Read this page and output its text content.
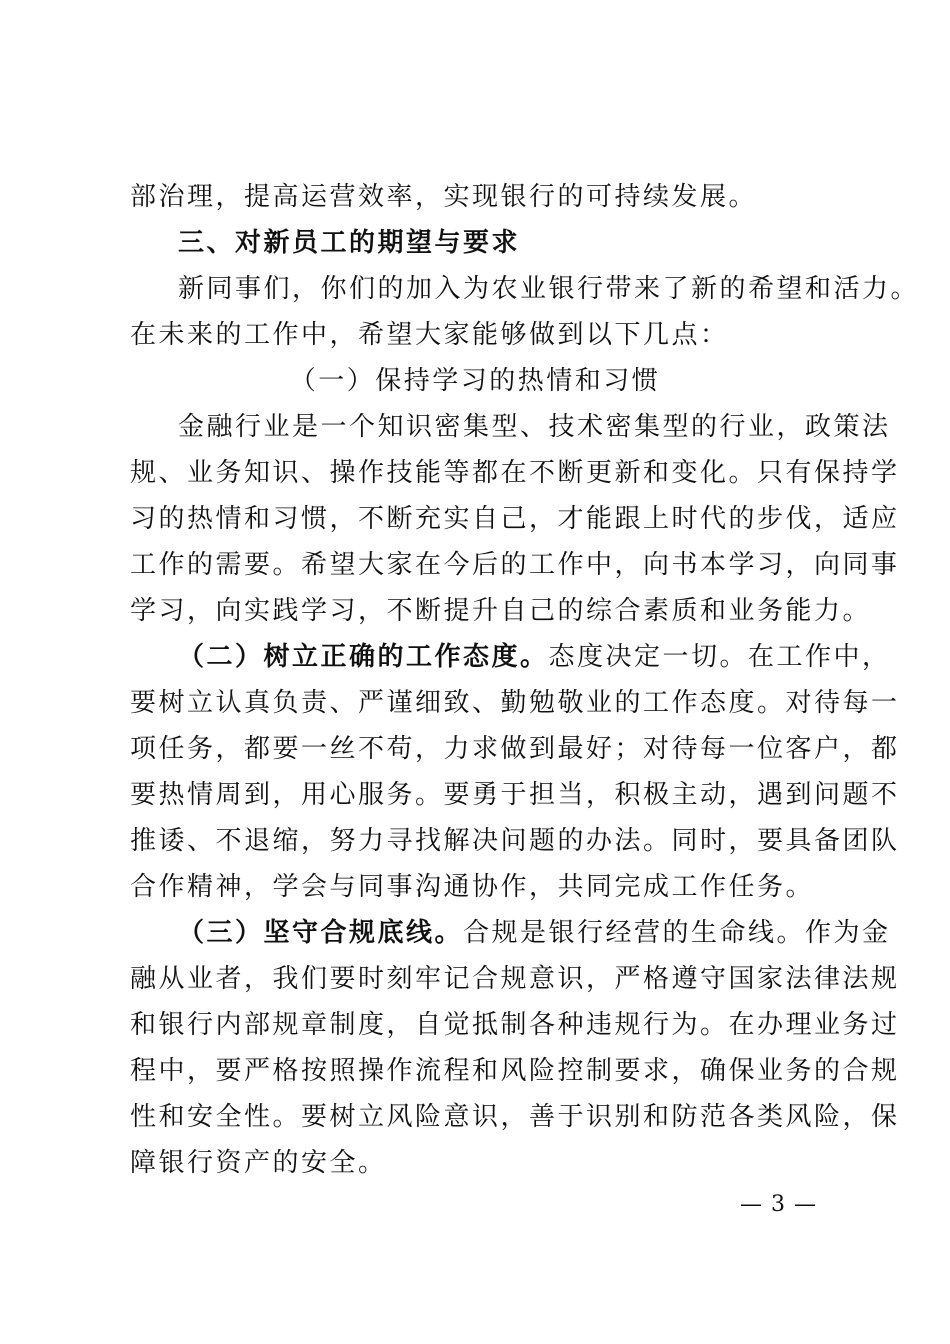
部治理，提高运营效率，实现银行的可持续发展。
三、对新员工的期望与要求
新同事们，你们的加入为农业银行带来了新的希望和活力。
在未来的工作中，希望大家能够做到以下几点：
（一）保持学习的热情和习惯
金融行业是一个知识密集型、技术密集型的行业，政策法
规、业务知识、操作技能等都在不断更新和变化。只有保持学
习的热情和习惯，不断充实自己，才能跟上时代的步伐，适应
工作的需要。希望大家在今后的工作中，向书本学习，向同事
学习，向实践学习，不断提升自己的综合素质和业务能力。
（二）树立正确的工作态度。态度决定一切。在工作中，
要树立认真负责、严谨细致、勤勉敬业的工作态度。对待每一
项任务，都要一丝不苟，力求做到最好；对待每一位客户，都
要热情周到，用心服务。要勇于担当，积极主动，遇到问题不
推诿、不退缩，努力寻找解决问题的办法。同时，要具备团队
合作精神，学会与同事沟通协作，共同完成工作任务。
（三）坚守合规底线。合规是银行经营的生命线。作为金
融从业者，我们要时刻牢记合规意识，严格遵守国家法律法规
和银行内部规章制度，自觉抵制各种违规行为。在办理业务过
程中，要严格按照操作流程和风险控制要求，确保业务的合规
性和安全性。要树立风险意识，善于识别和防范各类风险，保
障银行资产的安全。
— 3 —
